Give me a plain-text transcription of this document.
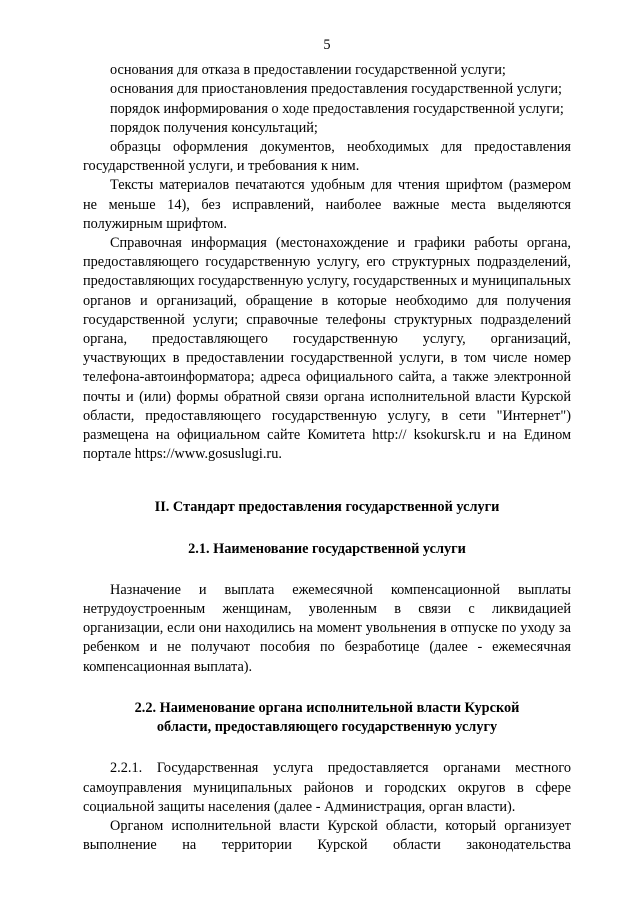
5

основания для отказа в предоставлении государственной услуги;

основания для приостановления предоставления государственной услуги;

порядок информирования о ходе предоставления государственной услуги;

порядок получения консультаций;

образцы оформления документов, необходимых для предоставления государственной услуги, и требования к ним.

Тексты материалов печатаются удобным для чтения шрифтом (размером не меньше 14), без исправлений, наиболее важные места выделяются полужирным шрифтом.

Справочная информация (местонахождение и графики работы органа, предоставляющего государственную услугу, его структурных подразделений, предоставляющих государственную услугу, государственных и муниципальных органов и организаций, обращение в которые необходимо для получения государственной услуги; справочные телефоны структурных подразделений органа, предоставляющего государственную услугу, организаций, участвующих в предоставлении государственной услуги, в том числе номер телефона-автоинформатора; адреса официального сайта, а также электронной почты и (или) формы обратной связи органа исполнительной власти Курской области, предоставляющего государственную услугу, в сети "Интернет") размещена на официальном сайте Комитета http:// ksokursk.ru и на Едином портале https://www.gosuslugi.ru.

II. Стандарт предоставления государственной услуги
2.1. Наименование государственной услуги

Назначение и выплата ежемесячной компенсационной выплаты нетрудоустроенным женщинам, уволенным в связи с ликвидацией организации, если они находились на момент увольнения в отпуске по уходу за ребенком и не получают пособия по безработице (далее - ежемесячная компенсационная выплата).

2.2. Наименование органа исполнительной власти Курской
области, предоставляющего государственную услугу

2.2.1. Государственная услуга предоставляется органами местного самоуправления муниципальных районов и городских округов в сфере социальной защиты населения (далее - Администрация, орган власти).

Органом исполнительной власти Курской области, который организует выполнение на территории Курской области законодательства
